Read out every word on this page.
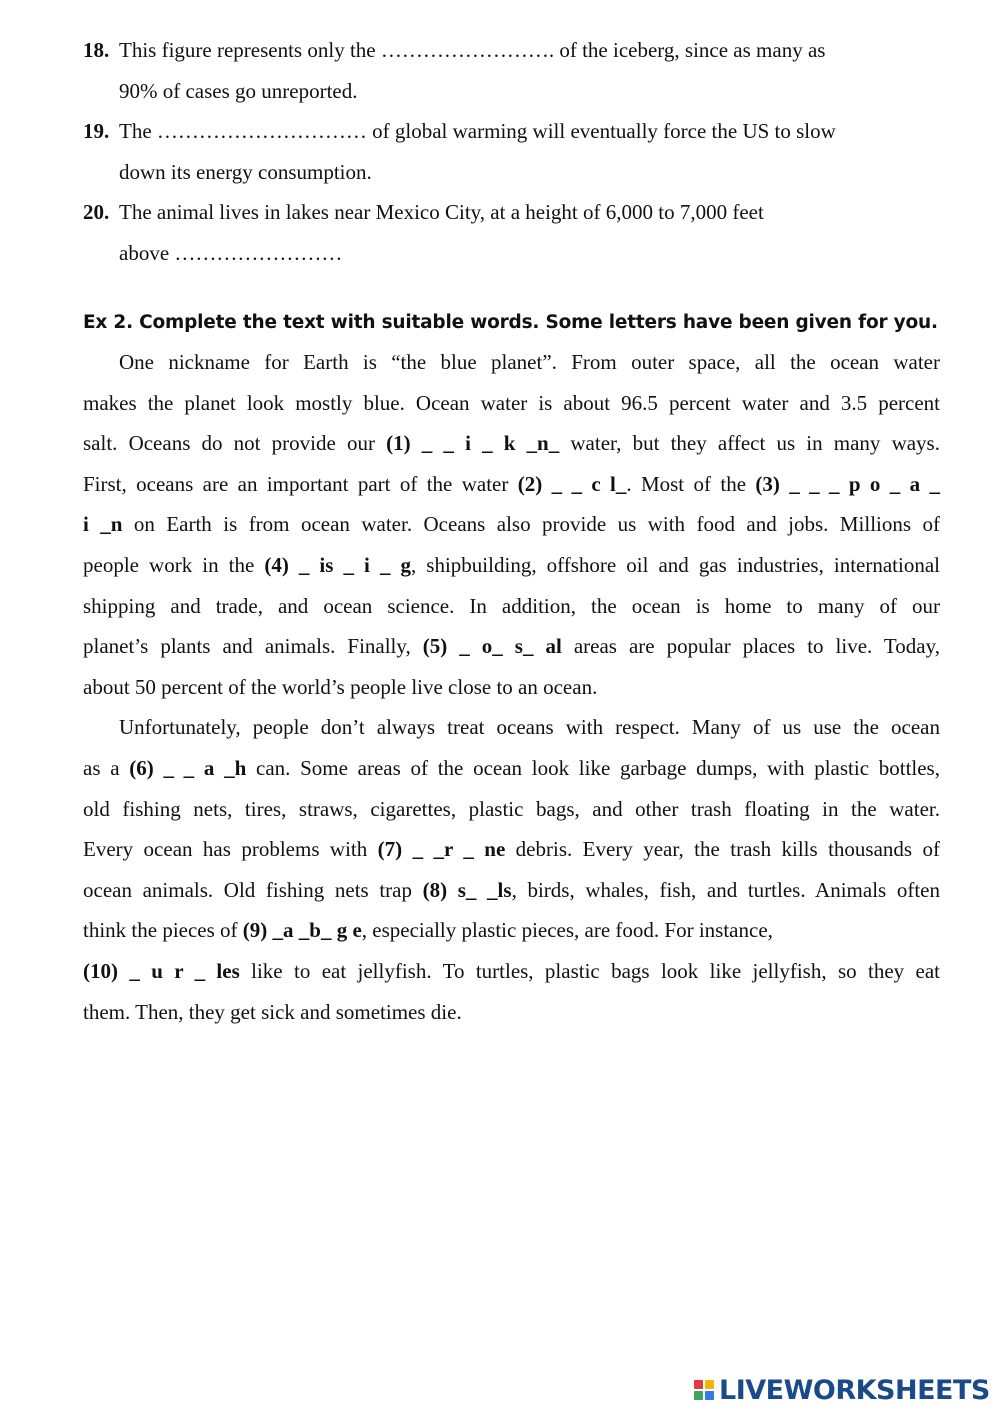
18. This figure represents only the ……………………. of the iceberg, since as many as
90% of cases go unreported.
19. The ………………………… of global warming will eventually force the US to slow
down its energy consumption.
20. The animal lives in lakes near Mexico City, at a height of 6,000 to 7,000 feet
above ……………………
Ex 2. Complete the text with suitable words. Some letters have been given for you.
One nickname for Earth is “the blue planet”. From outer space, all the ocean water
makes the planet look mostly blue. Ocean water is about 96.5 percent water and 3.5 percent
salt. Oceans do not provide our (1) _ _ i _ k _n_ water, but they affect us in many ways.
First, oceans are an important part of the water (2) _ _ c l_. Most of the (3) _ _ _ p o _ a _
i _n on Earth is from ocean water. Oceans also provide us with food and jobs. Millions of
people work in the (4) _ is _ i _ g, shipbuilding, offshore oil and gas industries, international
shipping and trade, and ocean science. In addition, the ocean is home to many of our
planet’s plants and animals. Finally, (5) _ o_ s_ al areas are popular places to live. Today,
about 50 percent of the world’s people live close to an ocean.
Unfortunately, people don’t always treat oceans with respect. Many of us use the ocean
as a (6) _ _ a _h can. Some areas of the ocean look like garbage dumps, with plastic bottles,
old fishing nets, tires, straws, cigarettes, plastic bags, and other trash floating in the water.
Every ocean has problems with (7) _ _r _ ne debris. Every year, the trash kills thousands of
ocean animals. Old fishing nets trap (8) s_ _ls, birds, whales, fish, and turtles. Animals often
think the pieces of (9) _a _b_ g e, especially plastic pieces, are food. For instance,
(10) _ u r _ les like to eat jellyfish. To turtles, plastic bags look like jellyfish, so they eat
them. Then, they get sick and sometimes die.
LIVEWORKSHEETS
